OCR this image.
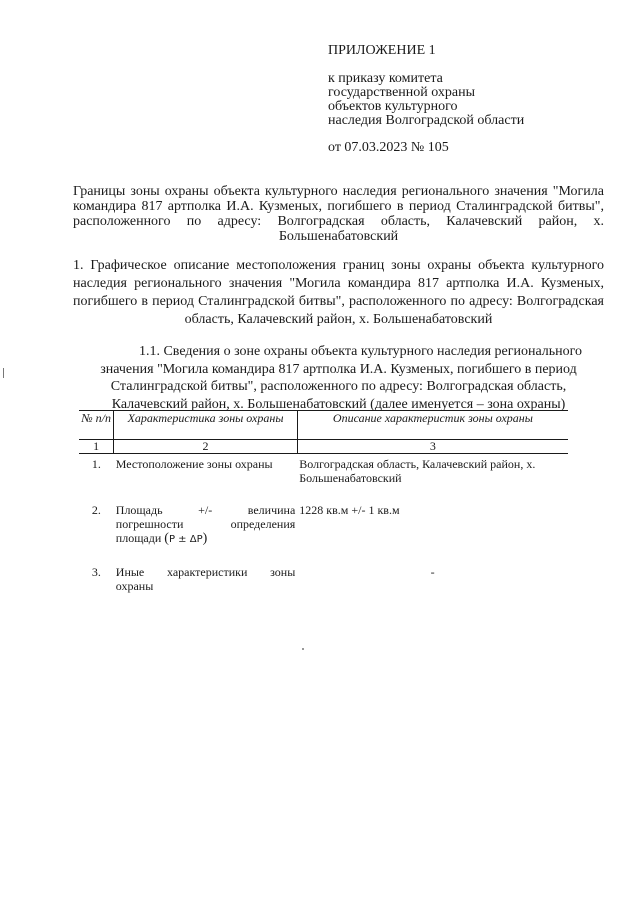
ПРИЛОЖЕНИЕ 1
к приказу комитета
государственной охраны
объектов культурного
наследия Волгоградской области
от 07.03.2023 № 105
Границы зоны охраны объекта культурного наследия регионального значения "Могила командира 817 артполка И.А. Кузменых, погибшего в период Сталинградской битвы", расположенного по адресу: Волгоградская область, Калачевский район, х. Большенабатовский
1. Графическое описание местоположения границ зоны охраны объекта культурного наследия регионального значения "Могила командира 817 артполка И.А. Кузменых, погибшего в период Сталинградской битвы", расположенного по адресу: Волгоградская область, Калачевский район, х. Большенабатовский
1.1. Сведения о зоне охраны объекта культурного наследия регионального значения "Могила командира 817 артполка И.А. Кузменых, погибшего в период Сталинградской битвы", расположенного по адресу: Волгоградская область, Калачевский район, х. Большенабатовский (далее именуется – зона охраны)
№ п/п	Характеристика зоны охраны	Описание характеристик зоны охраны
1	2	3
1.	Местоположение зоны охраны	Волгоградская область, Калачевский район, х. Большенабатовский
2.	Площадь +/- величина погрешности определения площади (P ± ΔP)	1228 кв.м +/- 1 кв.м
3.	Иные характеристики зоны охраны	-
